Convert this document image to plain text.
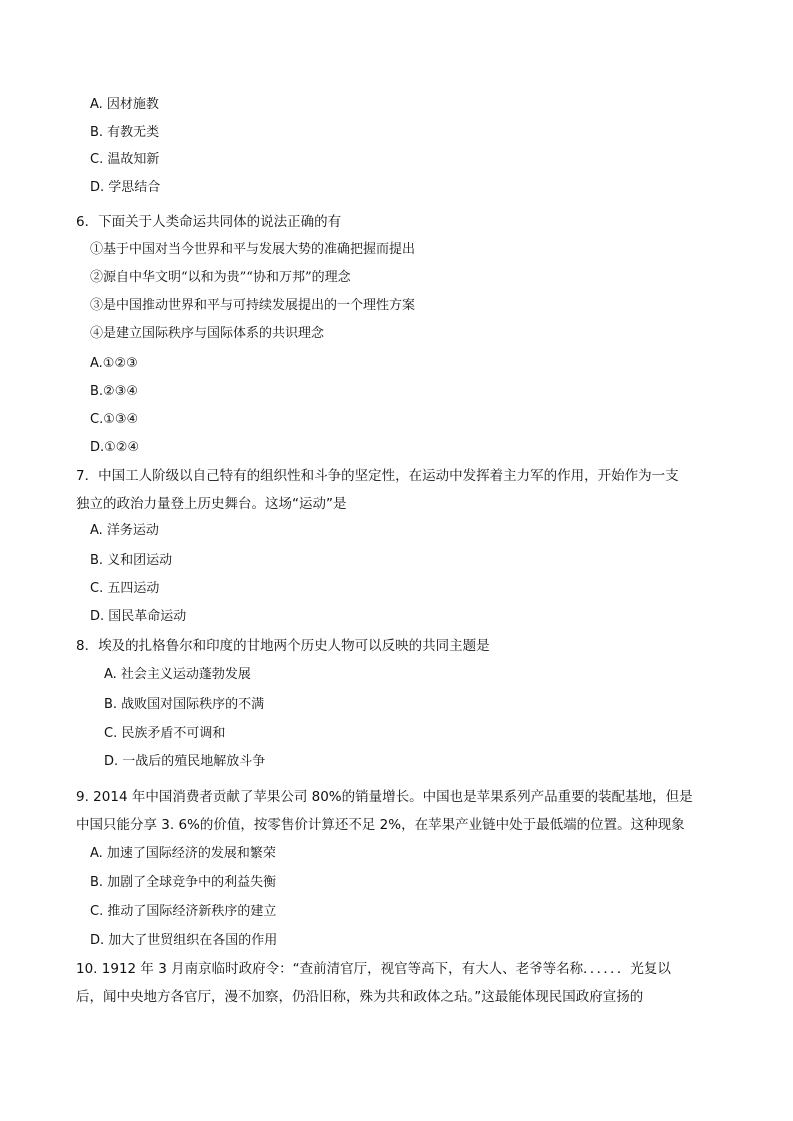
A. 因材施教
B. 有教无类
C. 温故知新
D. 学思结合
6．下面关于人类命运共同体的说法正确的有
①基于中国对当今世界和平与发展大势的准确把握而提出
②源自中华文明“以和为贵”“协和万邦”的理念
③是中国推动世界和平与可持续发展提出的一个理性方案
④是建立国际秩序与国际体系的共识理念
A.①②③
B.②③④
C.①③④
D.①②④
7．中国工人阶级以自己特有的组织性和斗争的坚定性，在运动中发挥着主力军的作用，开始作为一支
独立的政治力量登上历史舞台。这场“运动”是
A. 洋务运动
B. 义和团运动
C. 五四运动
D. 国民革命运动
8．埃及的扎格鲁尔和印度的甘地两个历史人物可以反映的共同主题是
A. 社会主义运动蓬勃发展
B. 战败国对国际秩序的不满
C. 民族矛盾不可调和
D. 一战后的殖民地解放斗争
9. 2014 年中国消费者贡献了苹果公司 80%的销量增长。中国也是苹果系列产品重要的装配基地，但是
中国只能分享 3. 6%的价值，按零售价计算还不足 2%，在苹果产业链中处于最低端的位置。这种现象
A. 加速了国际经济的发展和繁荣
B. 加剧了全球竞争中的利益失衡
C. 推动了国际经济新秩序的建立
D. 加大了世贸组织在各国的作用
10. 1912 年 3 月南京临时政府令：“查前清官厅，视官等高下，有大人、老爷等名称．．．．．．光复以
后，闻中央地方各官厅，漫不加察，仍沿旧称，殊为共和政体之玷。”这最能体现民国政府宣扬的
